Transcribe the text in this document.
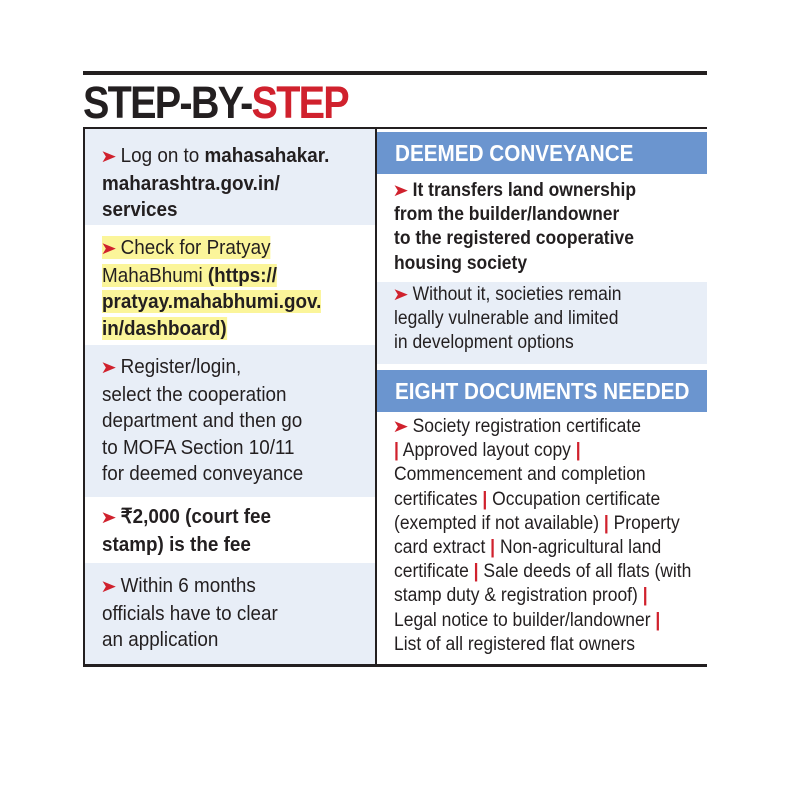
STEP-BY-STEP
➤ Log on to mahasahakar.
maharashtra.gov.in/
services
➤ Check for Pratyay
MahaBhumi (https://
pratyay.mahabhumi.gov.
in/dashboard)
➤ Register/login,
select the cooperation
department and then go
to MOFA Section 10/11
for deemed conveyance
➤ ₹2,000 (court fee
stamp) is the fee
➤ Within 6 months
officials have to clear
an application
DEEMED CONVEYANCE
➤ It transfers land ownership
from the builder/landowner
to the registered cooperative
housing society
➤ Without it, societies remain
legally vulnerable and limited
in development options
EIGHT DOCUMENTS NEEDED
➤ Society registration certificate
| Approved layout copy |
Commencement and completion
certificates | Occupation certificate
(exempted if not available) | Property
card extract | Non-agricultural land
certificate | Sale deeds of all flats (with
stamp duty & registration proof) |
Legal notice to builder/landowner |
List of all registered flat owners
